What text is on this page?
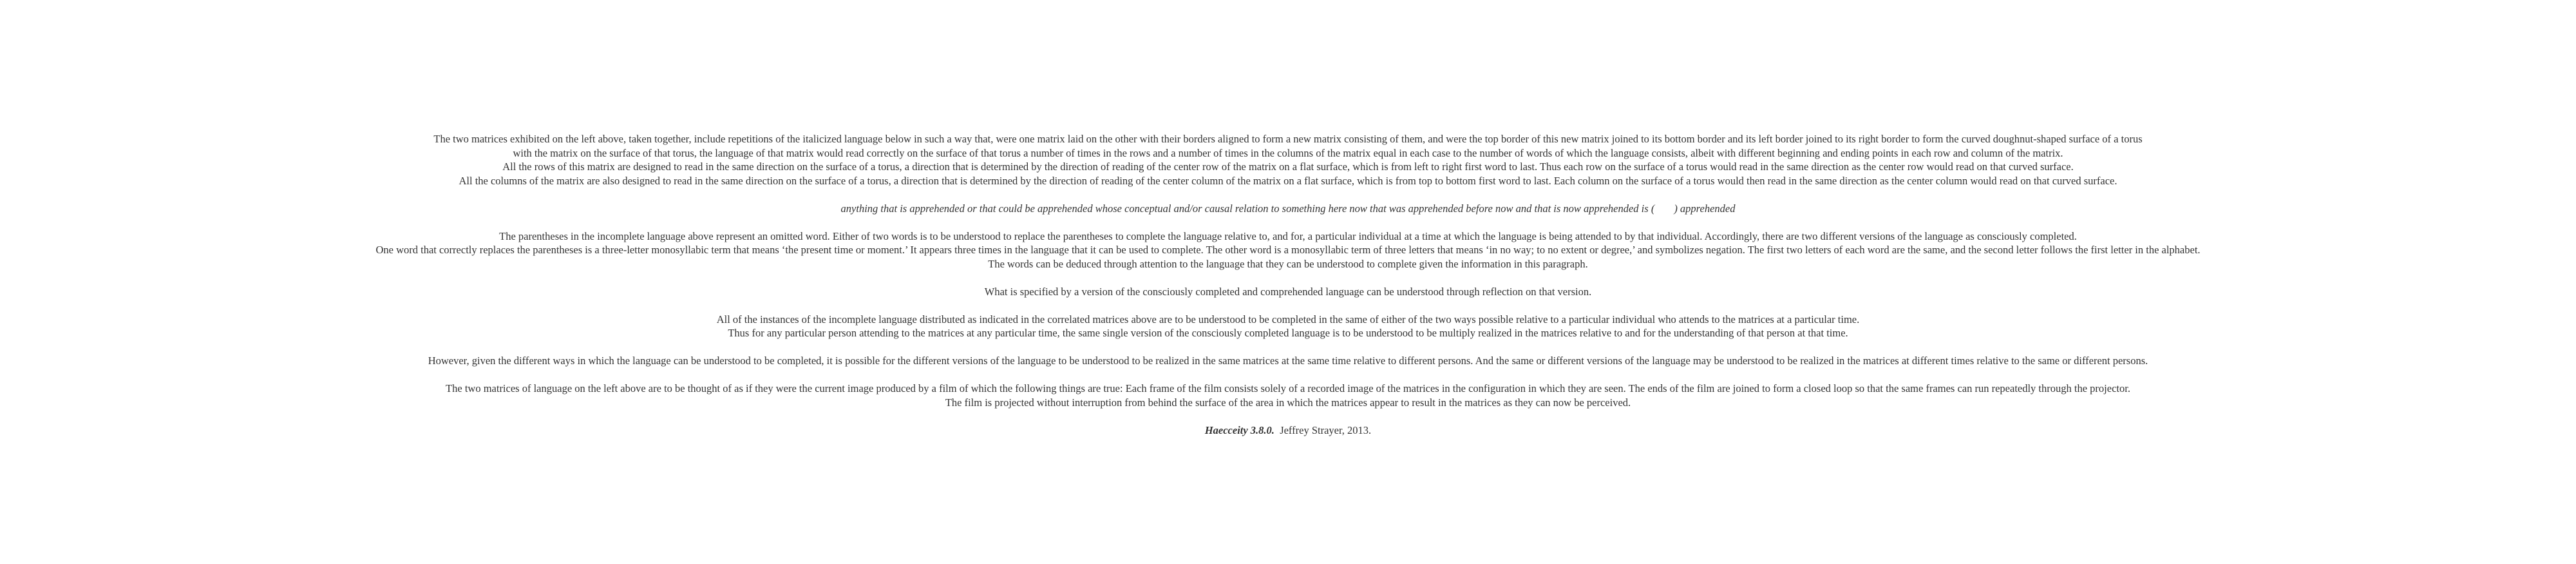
The two matrices exhibited on the left above, taken together, include repetitions of the italicized language below in such a way that, were one matrix laid on the other with their borders aligned to form a new matrix consisting of them, and were the top border of this new matrix joined to its bottom border and its left border joined to its right border to form the curved doughnut-shaped surface of a torus
with the matrix on the surface of that torus, the language of that matrix would read correctly on the surface of that torus a number of times in the rows and a number of times in the columns of the matrix equal in each case to the number of words of which the language consists, albeit with different beginning and ending points in each row and column of the matrix.
All the rows of this matrix are designed to read in the same direction on the surface of a torus, a direction that is determined by the direction of reading of the center row of the matrix on a flat surface, which is from left to right first word to last. Thus each row on the surface of a torus would read in the same direction as the center row would read on that curved surface.
All the columns of the matrix are also designed to read in the same direction on the surface of a torus, a direction that is determined by the direction of reading of the center column of the matrix on a flat surface, which is from top to bottom first word to last. Each column on the surface of a torus would then read in the same direction as the center column would read on that curved surface.
anything that is apprehended or that could be apprehended whose conceptual and/or causal relation to something here now that was apprehended before now and that is now apprehended is ( ) apprehended
The parentheses in the incomplete language above represent an omitted word. Either of two words is to be understood to replace the parentheses to complete the language relative to, and for, a particular individual at a time at which the language is being attended to by that individual. Accordingly, there are two different versions of the language as consciously completed.
One word that correctly replaces the parentheses is a three-letter monosyllabic term that means ‘the present time or moment.’ It appears three times in the language that it can be used to complete. The other word is a monosyllabic term of three letters that means ‘in no way; to no extent or degree,’ and symbolizes negation. The first two letters of each word are the same, and the second letter follows the first letter in the alphabet.
The words can be deduced through attention to the language that they can be understood to complete given the information in this paragraph.
What is specified by a version of the consciously completed and comprehended language can be understood through reflection on that version.
All of the instances of the incomplete language distributed as indicated in the correlated matrices above are to be understood to be completed in the same of either of the two ways possible relative to a particular individual who attends to the matrices at a particular time.
Thus for any particular person attending to the matrices at any particular time, the same single version of the consciously completed language is to be understood to be multiply realized in the matrices relative to and for the understanding of that person at that time.
However, given the different ways in which the language can be understood to be completed, it is possible for the different versions of the language to be understood to be realized in the same matrices at the same time relative to different persons. And the same or different versions of the language may be understood to be realized in the matrices at different times relative to the same or different persons.
The two matrices of language on the left above are to be thought of as if they were the current image produced by a film of which the following things are true: Each frame of the film consists solely of a recorded image of the matrices in the configuration in which they are seen. The ends of the film are joined to form a closed loop so that the same frames can run repeatedly through the projector.
The film is projected without interruption from behind the surface of the area in which the matrices appear to result in the matrices as they can now be perceived.
Haecceity 3.8.0.  Jeffrey Strayer, 2013.
